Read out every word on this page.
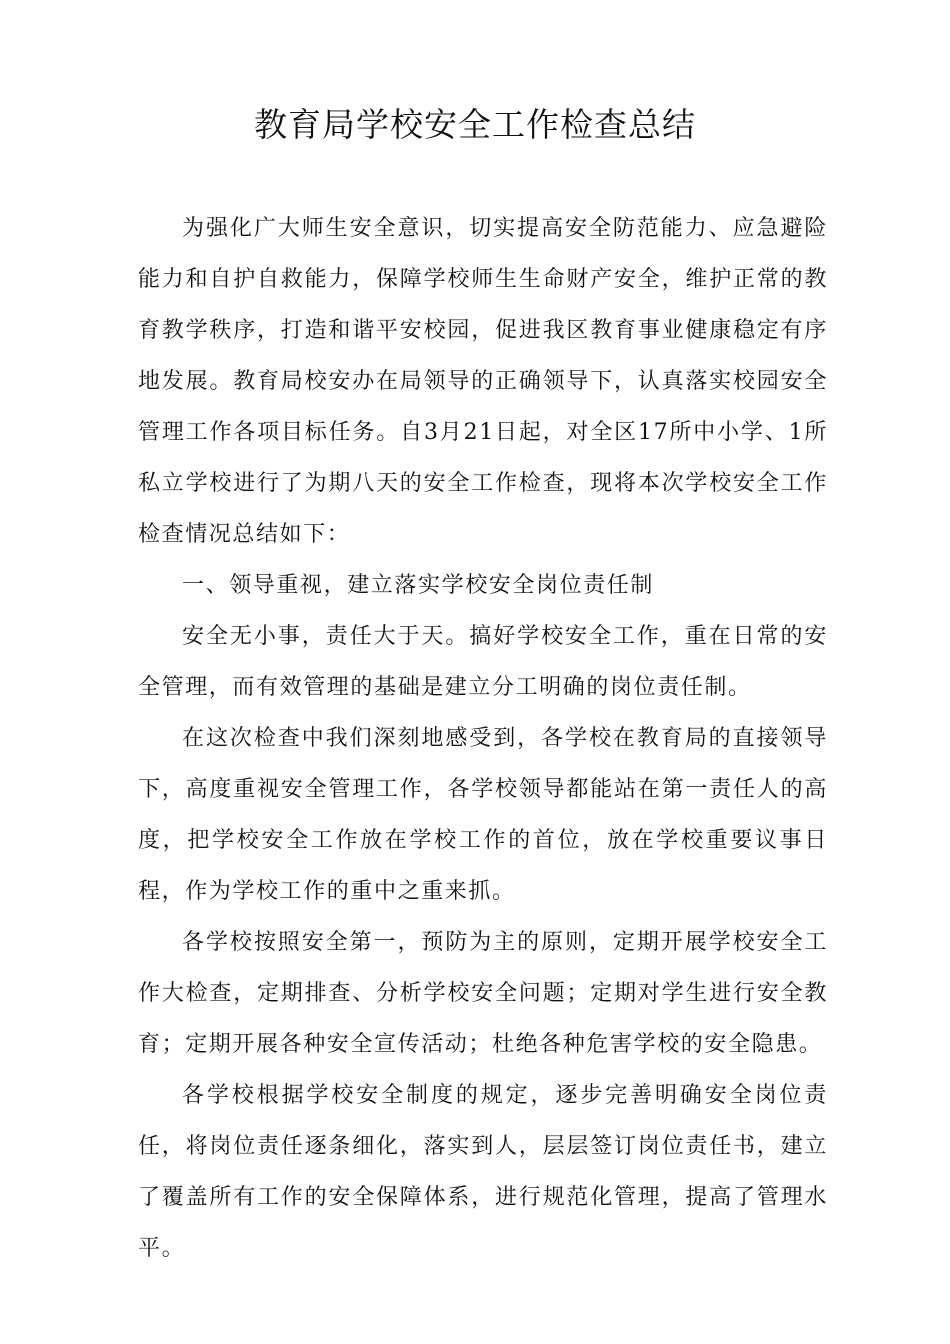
教育局学校安全工作检查总结

为强化广大师生安全意识，切实提高安全防范能力、应急避险能力和自护自救能力，保障学校师生生命财产安全，维护正常的教育教学秩序，打造和谐平安校园，促进我区教育事业健康稳定有序地发展。教育局校安办在局领导的正确领导下，认真落实校园安全管理工作各项目标任务。自3月21日起，对全区17所中小学、1所私立学校进行了为期八天的安全工作检查，现将本次学校安全工作检查情况总结如下：

一、领导重视，建立落实学校安全岗位责任制

安全无小事，责任大于天。搞好学校安全工作，重在日常的安全管理，而有效管理的基础是建立分工明确的岗位责任制。

在这次检查中我们深刻地感受到，各学校在教育局的直接领导下，高度重视安全管理工作，各学校领导都能站在第一责任人的高度，把学校安全工作放在学校工作的首位，放在学校重要议事日程，作为学校工作的重中之重来抓。

各学校按照安全第一，预防为主的原则，定期开展学校安全工作大检查，定期排查、分析学校安全问题；定期对学生进行安全教育；定期开展各种安全宣传活动；杜绝各种危害学校的安全隐患。

各学校根据学校安全制度的规定，逐步完善明确安全岗位责任，将岗位责任逐条细化，落实到人，层层签订岗位责任书，建立了覆盖所有工作的安全保障体系，进行规范化管理，提高了管理水平。
